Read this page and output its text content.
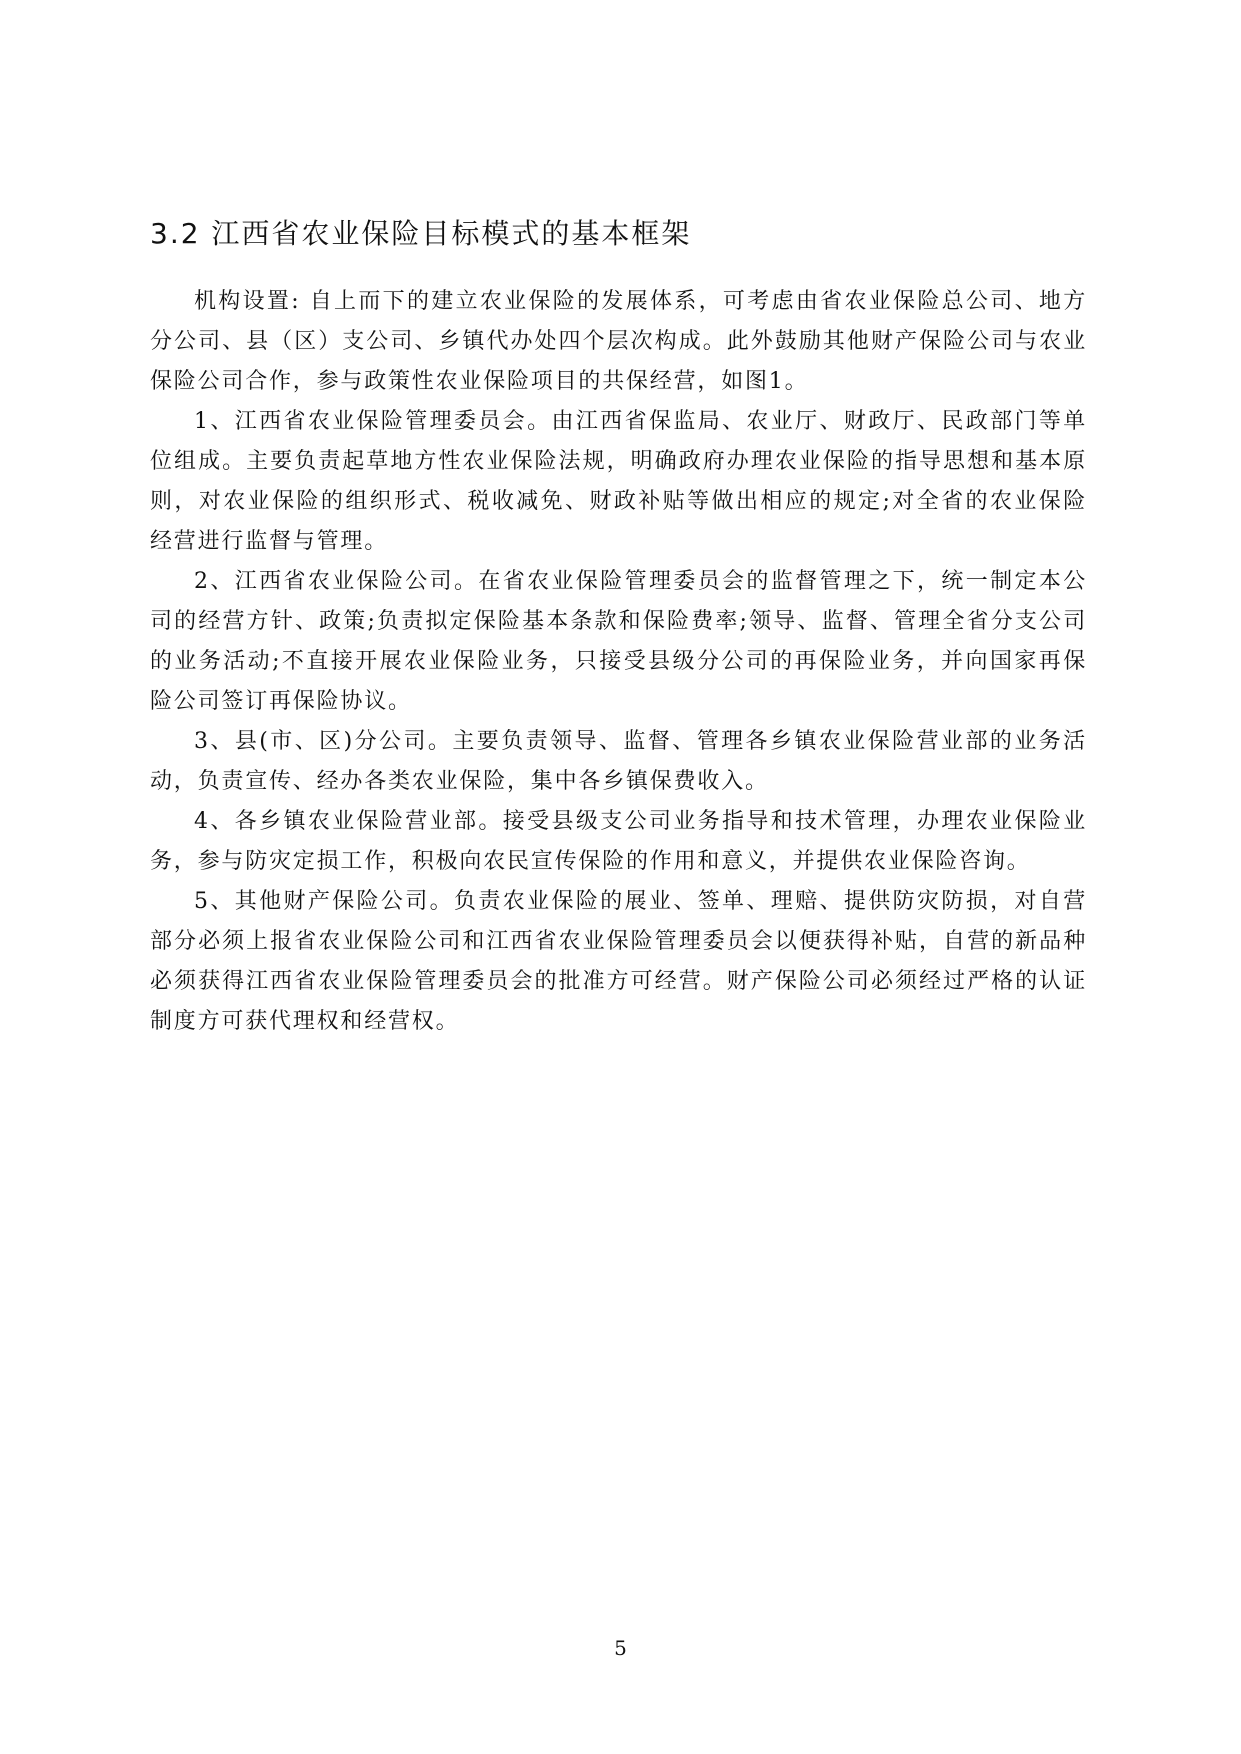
3.2 江西省农业保险目标模式的基本框架

机构设置: 自上而下的建立农业保险的发展体系，可考虑由省农业保险总公司、地方分公司、县（区）支公司、乡镇代办处四个层次构成。此外鼓励其他财产保险公司与农业保险公司合作，参与政策性农业保险项目的共保经营，如图1。

1、江西省农业保险管理委员会。由江西省保监局、农业厅、财政厅、民政部门等单位组成。主要负责起草地方性农业保险法规，明确政府办理农业保险的指导思想和基本原则，对农业保险的组织形式、税收减免、财政补贴等做出相应的规定;对全省的农业保险经营进行监督与管理。

2、江西省农业保险公司。在省农业保险管理委员会的监督管理之下，统一制定本公司的经营方针、政策;负责拟定保险基本条款和保险费率;领导、监督、管理全省分支公司的业务活动;不直接开展农业保险业务，只接受县级分公司的再保险业务，并向国家再保险公司签订再保险协议。

3、县(市、区)分公司。主要负责领导、监督、管理各乡镇农业保险营业部的业务活动，负责宣传、经办各类农业保险，集中各乡镇保费收入。

4、各乡镇农业保险营业部。接受县级支公司业务指导和技术管理，办理农业保险业务，参与防灾定损工作，积极向农民宣传保险的作用和意义，并提供农业保险咨询。

5、其他财产保险公司。负责农业保险的展业、签单、理赔、提供防灾防损，对自营部分必须上报省农业保险公司和江西省农业保险管理委员会以便获得补贴，自营的新品种必须获得江西省农业保险管理委员会的批准方可经营。财产保险公司必须经过严格的认证制度方可获代理权和经营权。

5
